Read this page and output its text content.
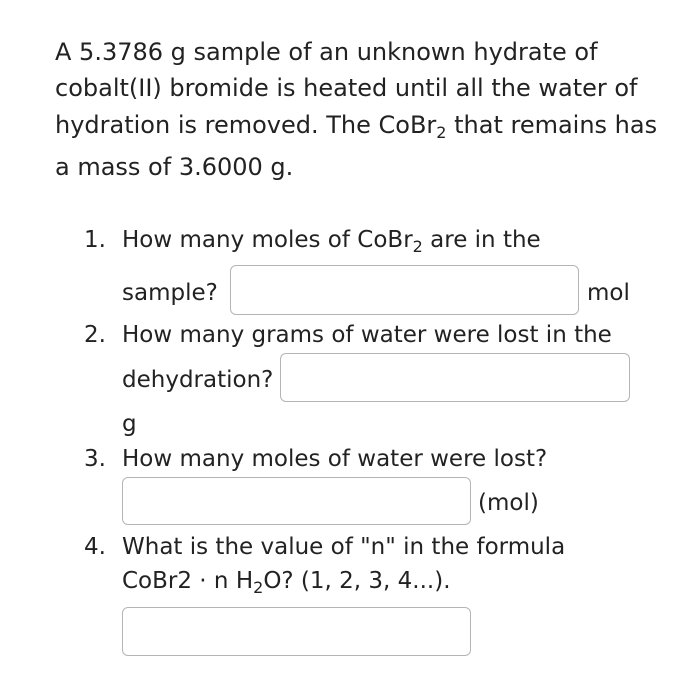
A 5.3786 g sample of an unknown hydrate of
cobalt(II) bromide is heated until all the water of
hydration is removed. The CoBr$_2$ that remains has
a mass of 3.6000 g.
1. How many moles of CoBr$_2$ are in the
sample?	mol
2. How many grams of water were lost in the
dehydration?
g
3. How many moles of water were lost?
(mol)
4. What is the value of "n" in the formula
CoBr2 · n $H_2O$? (1, 2, 3, 4...).
